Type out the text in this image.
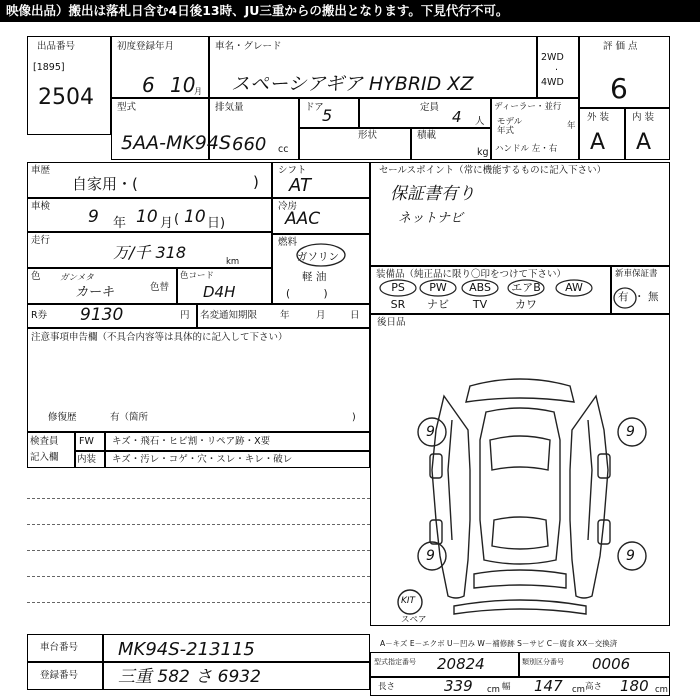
映像出品）搬出は落札日含む4日後13時、JU三重からの搬出となります。下見代行不可。
出品番号
[1895]
2504
初度登録年月
6 10
月
車名・グレード
スペーシアギア HYBRID XZ
2WD
·
4WD
評 価 点
6
型式
5AA-MK94S
排気量
660 cc
ドア
5	定員
4 人
形状	積載
kg
ディーラー・並行
モデル
年式
年
ハンドル 左・右
外 装 内 装
A A
車歴
自家用・(	)
車検
9 年 10 月 ( 10 日)
走行
万/千 318	km
色 ガンメタ
カーキ	色替
色コード
D4H
シフト
AT
冷房
AAC
燃料
ガソリン
軽 油
(          )
セールスポイント（常に機能するものに記入下さい）
保証書有り
ネットナビ
装備品（純正品に限り〇印をつけて下さい）	新車保証書
有 ・ 無
PS	PW	ABS	エアB	AW
SR	ナビ	TV	カワ
R券 9130	円 名変通知期限 年	月	日
注意事項申告欄（不具合内容等は具体的に記入して下さい）
修復歴	有（箇所	)
検査員
記入欄
FW キズ・飛石・ヒビ割・リペア跡・X要
内装 キズ・汚レ・コゲ・穴・スレ・キレ・破レ
後日品
9	9
9	9
KIT
スペア
A－キズ E－エクボ U－凹み W－補修跡 S－サビ C－腐食 XX－交換済
車台番号 MK94S-213115
登録番号 三重 582 さ 6932
型式指定番号 20824	類別区分番号 0006
長さ	339 cm 幅 147 cm 高さ 180 cm
